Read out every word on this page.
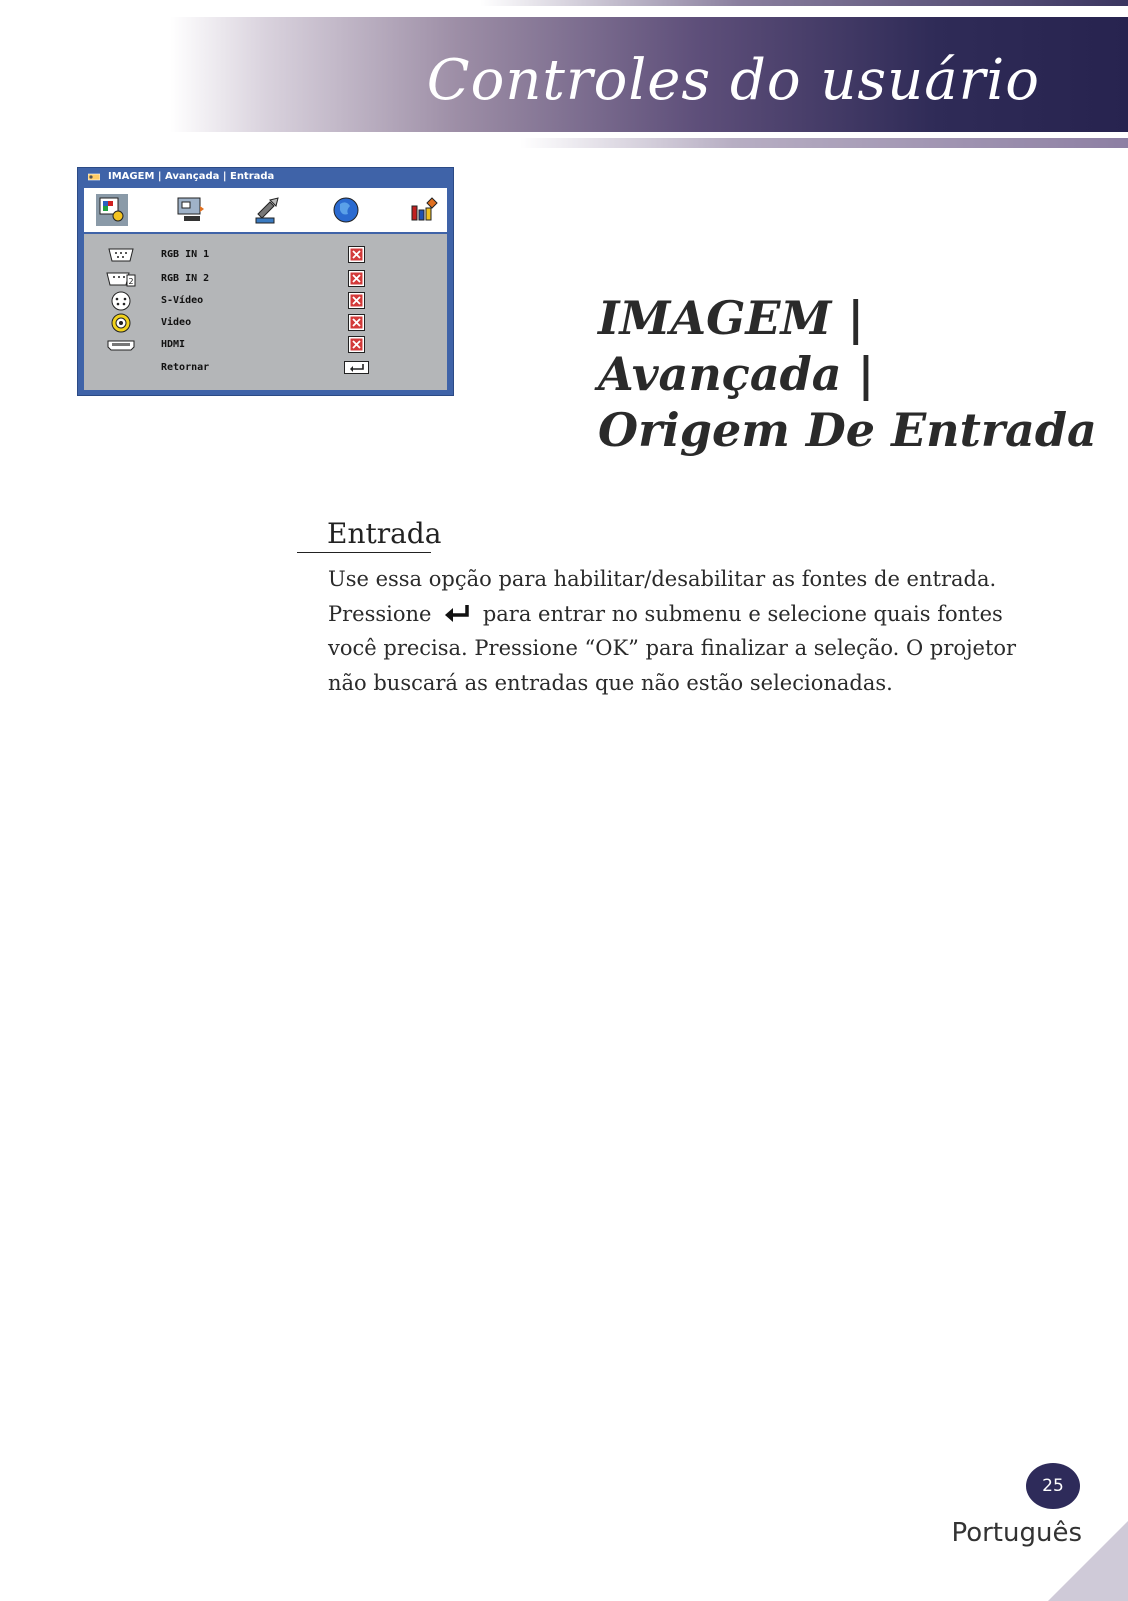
Controles do usuário
IMAGEM | Avançada | Entrada
RGB IN 1
2	RGB IN 2
S-Vídeo
Video
HDMI
Retornar
IMAGEM |
Avançada |
Origem De Entrada
Entrada
Use essa opção para habilitar/desabilitar as fontes de entrada. Pressione para entrar no submenu e selecione quais fontes você precisa. Pressione “OK” para finalizar a seleção. O projetor não buscará as entradas que não estão selecionadas.
25
Português
